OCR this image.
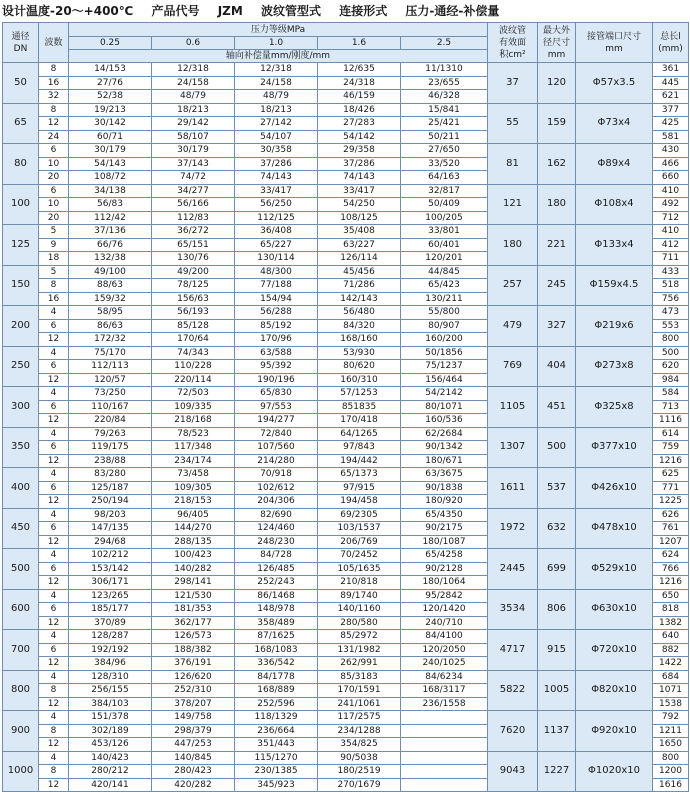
设计温度-20～+400℃ 产品代号 JZM 波纹管型式 连接形式 压力-通经-补偿量
通径
DN	波数	压力等级MPa					波纹管
有效面
积cm²	最大外
径尺寸
mm	接管端口尺寸
mm	总长l
(mm)
		0.25	0.6	1.0	1.6	2.5				
		轴向补偿量mm/刚度/mm								
50	8	14/153	12/318	12/318	12/635	11/1310	37	120	Φ57x3.5	361
	16	27/76	24/158	24/158	24/318	23/655				445
	32	52/38	48/79	48/79	46/159	46/328				621
65	8	19/213	18/213	18/213	18/426	15/841	55	159	Φ73x4	377
	12	30/142	29/142	27/142	27/283	25/421				425
	24	60/71	58/107	54/107	54/142	50/211				581
80	6	30/179	30/179	30/358	29/358	27/650	81	162	Φ89x4	430
	10	54/143	37/143	37/286	37/286	33/520				466
	20	108/72	74/72	74/143	74/143	64/163				660
100	6	34/138	34/277	33/417	33/417	32/817	121	180	Φ108x4	410
	10	56/83	56/166	56/250	54/250	50/409				492
	20	112/42	112/83	112/125	108/125	100/205				712
125	5	37/136	36/272	36/408	35/408	33/801	180	221	Φ133x4	410
	9	66/76	65/151	65/227	63/227	60/401				412
	18	132/38	130/76	130/114	126/114	120/201				711
150	5	49/100	49/200	48/300	45/456	44/845	257	245	Φ159x4.5	433
	8	88/63	78/125	77/188	71/286	65/423				518
	16	159/32	156/63	154/94	142/143	130/211				756
200	4	58/95	56/193	56/288	56/480	55/800	479	327	Φ219x6	473
	6	86/63	85/128	85/192	84/320	80/907				553
	12	172/32	170/64	170/96	168/160	160/200				800
250	4	75/170	74/343	63/588	53/930	50/1856	769	404	Φ273x8	500
	6	112/113	110/228	95/392	80/620	75/1237				620
	12	120/57	220/114	190/196	160/310	156/464				984
300	4	73/250	72/503	65/830	57/1253	54/2142	1105	451	Φ325x8	584
	6	110/167	109/335	97/553	851835	80/1071				713
	12	220/84	218/168	194/277	170/418	160/536				1116
350	4	79/263	78/523	72/840	64/1265	62/2684	1307	500	Φ377x10	614
	6	119/175	117/348	107/560	97/843	90/1342				759
	12	238/88	234/174	214/280	194/442	180/671				1216
400	4	83/280	73/458	70/918	65/1373	63/3675	1611	537	Φ426x10	625
	6	125/187	109/305	102/612	97/915	90/1838				771
	12	250/194	218/153	204/306	194/458	180/920				1225
450	4	98/203	96/405	82/690	69/2305	65/4350	1972	632	Φ478x10	626
	6	147/135	144/270	124/460	103/1537	90/2175				761
	12	294/68	288/135	248/230	206/769	180/1087				1207
500	4	102/212	100/423	84/728	70/2452	65/4258	2445	699	Φ529x10	624
	6	153/142	140/282	126/485	105/1635	90/2128				766
	12	306/171	298/141	252/243	210/818	180/1064				1216
600	4	123/265	121/530	86/1468	89/1740	95/2842	3534	806	Φ630x10	650
	6	185/177	181/353	148/978	140/1160	120/1420				818
	12	370/89	362/177	358/489	280/580	240/710				1382
700	4	128/287	126/573	87/1625	85/2972	84/4100	4717	915	Φ720x10	640
	6	192/192	188/382	168/1083	131/1982	120/2050				882
	12	384/96	376/191	336/542	262/991	240/1025				1422
800	4	128/310	126/620	84/1778	85/3183	84/6234	5822	1005	Φ820x10	684
	8	256/155	252/310	168/889	170/1591	168/3117				1071
	12	384/103	378/207	252/596	241/1061	236/1558				1538
900	4	151/378	149/758	118/1329	117/2575		7620	1137	Φ920x10	792
	8	302/189	298/379	236/664	234/1288					1211
	12	453/126	447/253	351/443	354/825					1650
1000	4	140/423	140/845	115/1270	90/5038		9043	1227	Φ1020x10	800
	8	280/212	280/423	230/1385	180/2519					1200
	12	420/141	420/282	345/923	270/1679					1616
